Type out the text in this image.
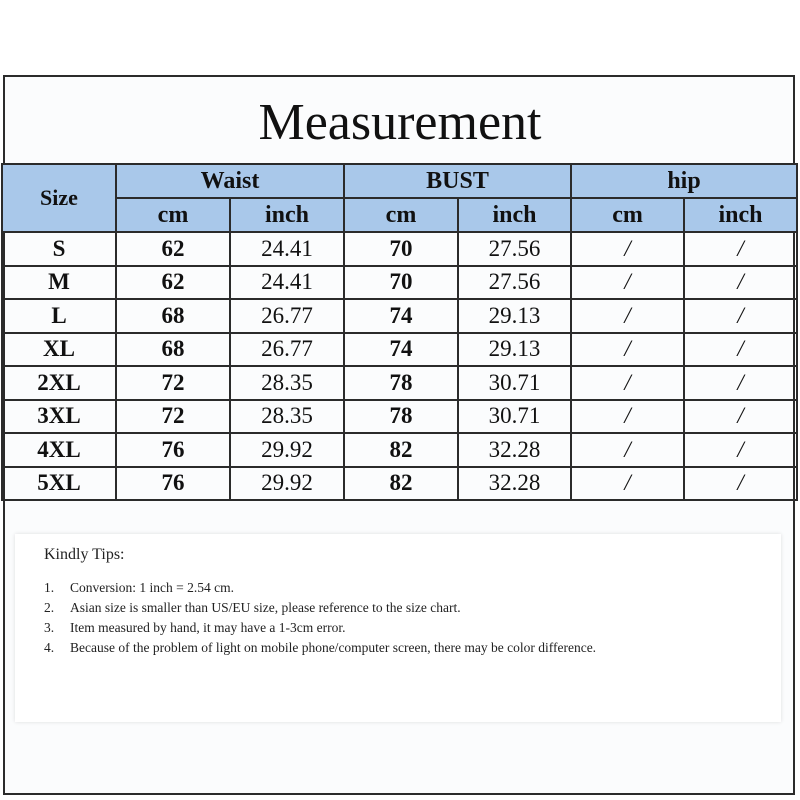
Measurement
Size	Waist		BUST		hip	
	cm	inch	cm	inch	cm	inch
S	62	24.41	70	27.56	/	/
M	62	24.41	70	27.56	/	/
L	68	26.77	74	29.13	/	/
XL	68	26.77	74	29.13	/	/
2XL	72	28.35	78	30.71	/	/
3XL	72	28.35	78	30.71	/	/
4XL	76	29.92	82	32.28	/	/
5XL	76	29.92	82	32.28	/	/
Kindly Tips:
1.	Conversion: 1 inch = 2.54 cm.
2.	Asian size is smaller than US/EU size, please reference to the size chart.
3.	Item measured by hand, it may have a 1-3cm error.
4.	Because of the problem of light on mobile phone/computer screen, there may be color difference.
